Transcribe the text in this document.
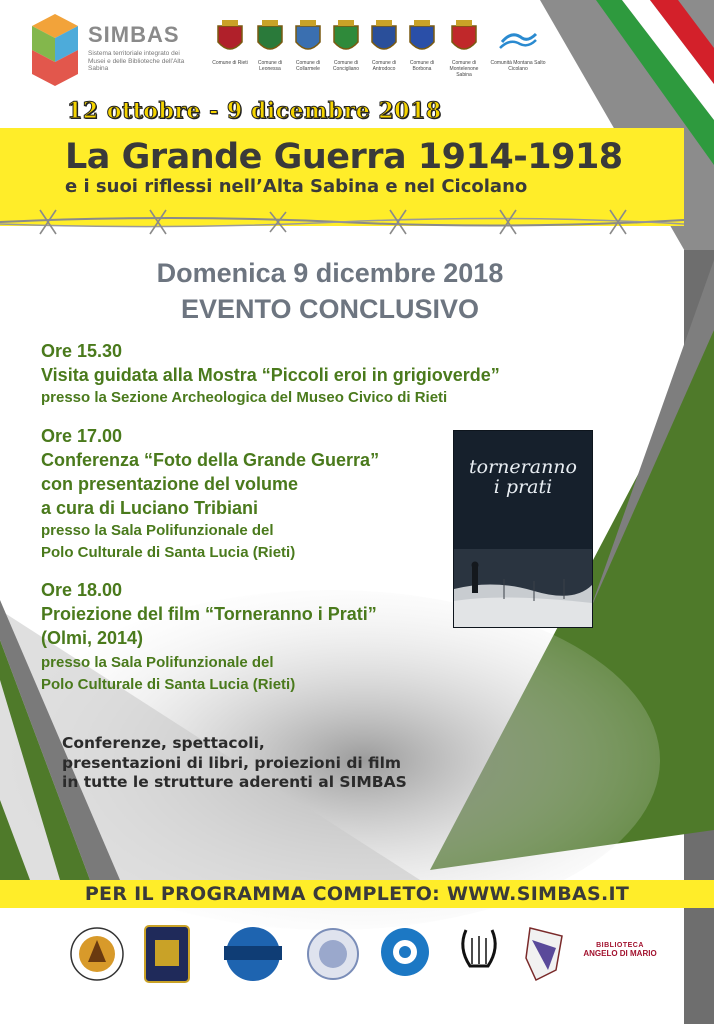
SIMBAS
Sistema territoriale integrato dei Musei e delle Biblioteche dell'Alta Sabina
Comune di Rieti	Comune di Leonessa
Comune di Collarmele
Comune di Concigliano
Comune di Antrodoco
Comune di Borbona
Comune di Montelenone Sabina
Comunità Montana Salto Cicolano
12 ottobre - 9 dicembre 2018
La Grande Guerra 1914-1918
e i suoi riflessi nell’Alta Sabina e nel Cicolano
Domenica 9 dicembre 2018
EVENTO CONCLUSIVO
Ore 15.30
Visita guidata alla Mostra “Piccoli eroi in grigioverde”
presso la Sezione Archeologica del Museo Civico di Rieti
Ore 17.00
Conferenza “Foto della Grande Guerra”
con presentazione del volume
a cura di Luciano Tribiani
presso la Sala Polifunzionale del
Polo Culturale di Santa Lucia (Rieti)
Ore 18.00
Proiezione del film “Torneranno i Prati”
(Olmi, 2014)
presso la Sala Polifunzionale del
Polo Culturale di Santa Lucia (Rieti)
torneranno
i prati
Conferenze, spettacoli,
presentazioni di libri, proiezioni di film
in tutte le strutture aderenti al SIMBAS
PER IL PROGRAMMA COMPLETO: WWW.SIMBAS.IT
BIBLIOTECA
ANGELO DI MARIO
